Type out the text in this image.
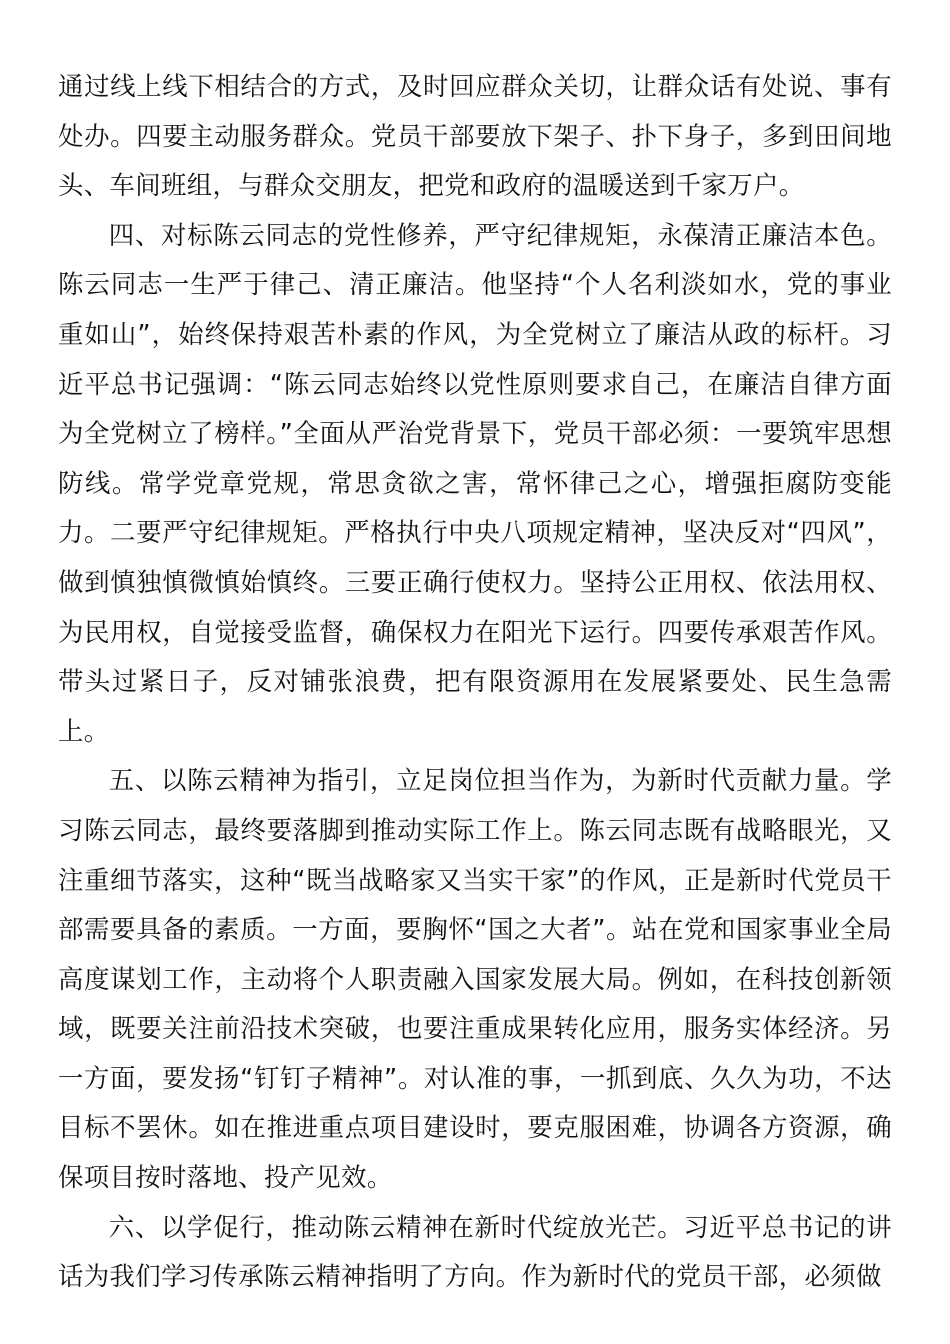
通过线上线下相结合的方式，及时回应群众关切，让群众话有处说、事有处办。四要主动服务群众。党员干部要放下架子、扑下身子，多到田间地头、车间班组，与群众交朋友，把党和政府的温暖送到千家万户。

四、对标陈云同志的党性修养，严守纪律规矩，永葆清正廉洁本色。陈云同志一生严于律己、清正廉洁。他坚持“个人名利淡如水，党的事业重如山”，始终保持艰苦朴素的作风，为全党树立了廉洁从政的标杆。习近平总书记强调：“陈云同志始终以党性原则要求自己，在廉洁自律方面为全党树立了榜样。”全面从严治党背景下，党员干部必须：一要筑牢思想防线。常学党章党规，常思贪欲之害，常怀律己之心，增强拒腐防变能力。二要严守纪律规矩。严格执行中央八项规定精神，坚决反对“四风”，做到慎独慎微慎始慎终。三要正确行使权力。坚持公正用权、依法用权、为民用权，自觉接受监督，确保权力在阳光下运行。四要传承艰苦作风。带头过紧日子，反对铺张浪费，把有限资源用在发展紧要处、民生急需上。

五、以陈云精神为指引，立足岗位担当作为，为新时代贡献力量。学习陈云同志，最终要落脚到推动实际工作上。陈云同志既有战略眼光，又注重细节落实，这种“既当战略家又当实干家”的作风，正是新时代党员干部需要具备的素质。一方面，要胸怀“国之大者”。站在党和国家事业全局高度谋划工作，主动将个人职责融入国家发展大局。例如，在科技创新领域，既要关注前沿技术突破，也要注重成果转化应用，服务实体经济。另一方面，要发扬“钉钉子精神”。对认准的事，一抓到底、久久为功，不达目标不罢休。如在推进重点项目建设时，要克服困难，协调各方资源，确保项目按时落地、投产见效。

六、以学促行，推动陈云精神在新时代绽放光芒。习近平总书记的讲话为我们学习传承陈云精神指明了方向。作为新时代的党员干部，必须做
